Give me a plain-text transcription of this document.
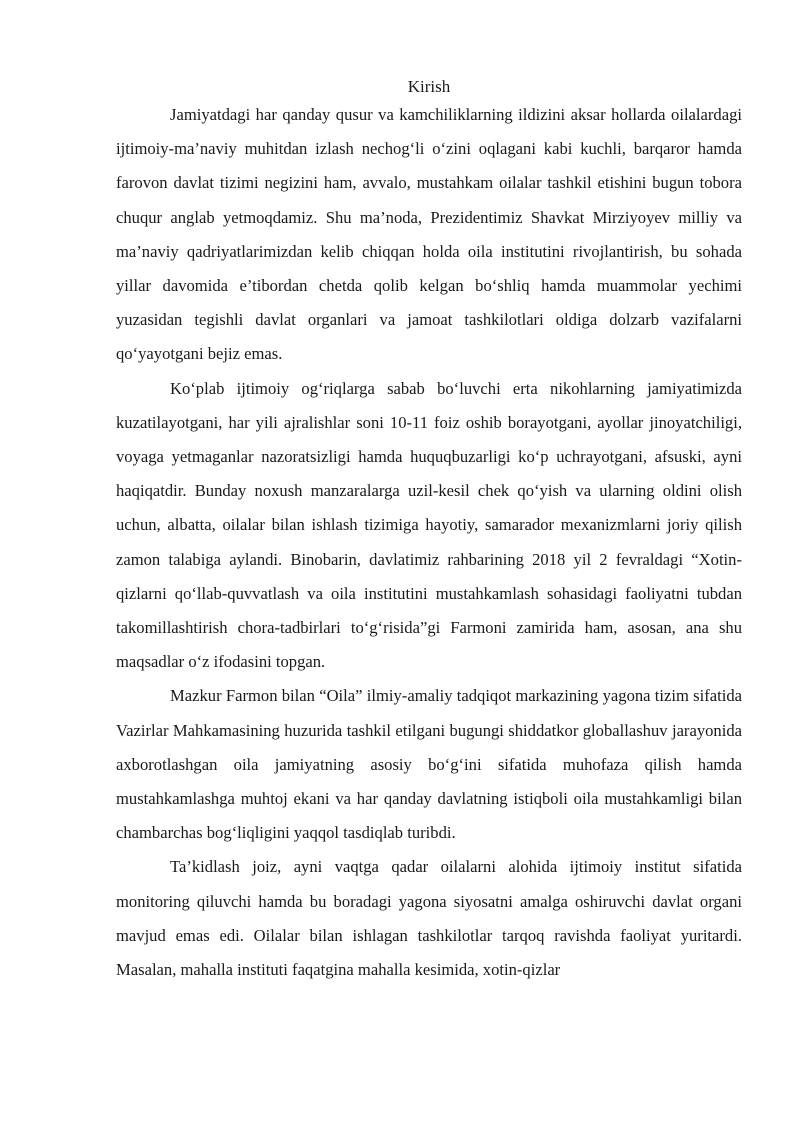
Kirish

Jamiyatdagi har qanday qusur va kamchiliklarning ildizini aksar hollarda oilalardagi ijtimoiy-ma’naviy muhitdan izlash nechog‘li o‘zini oqlagani kabi kuchli, barqaror hamda farovon davlat tizimi negizini ham, avvalo, mustahkam oilalar tashkil etishini bugun tobora chuqur anglab yetmoqdamiz. Shu ma’noda, Prezidentimiz Shavkat Mirziyoyev milliy va ma’naviy qadriyatlarimizdan kelib chiqqan holda oila institutini rivojlantirish, bu sohada yillar davomida e’tibordan chetda qolib kelgan bo‘shliq hamda muammolar yechimi yuzasidan tegishli davlat organlari va jamoat tashkilotlari oldiga dolzarb vazifalarni qo‘yayotgani bejiz emas.

Ko‘plab ijtimoiy og‘riqlarga sabab bo‘luvchi erta nikohlarning jamiyatimizda kuzatilayotgani, har yili ajralishlar soni 10-11 foiz oshib borayotgani, ayollar jinoyatchiligi, voyaga yetmaganlar nazoratsizligi hamda huquqbuzarligi ko‘p uchrayotgani, afsuski, ayni haqiqatdir. Bunday noxush manzaralarga uzil-kesil chek qo‘yish va ularning oldini olish uchun, albatta, oilalar bilan ishlash tizimiga hayotiy, samarador mexanizmlarni joriy qilish zamon talabiga aylandi. Binobarin, davlatimiz rahbarining 2018 yil 2 fevraldagi “Xotin-qizlarni qo‘llab-quvvatlash va oila institutini mustahkamlash sohasidagi faoliyatni tubdan takomillashtirish chora-tadbirlari to‘g‘risida”gi Farmoni zamirida ham, asosan, ana shu maqsadlar o‘z ifodasini topgan.

Mazkur Farmon bilan “Oila” ilmiy-amaliy tadqiqot markazining yagona tizim sifatida Vazirlar Mahkamasining huzurida tashkil etilgani bugungi shiddatkor globallashuv jarayonida axborotlashgan oila jamiyatning asosiy bo‘g‘ini sifatida muhofaza qilish hamda mustahkamlashga muhtoj ekani va har qanday davlatning istiqboli oila mustahkamligi bilan chambarchas bog‘liqligini yaqqol tasdiqlab turibdi.

Ta’kidlash joiz, ayni vaqtga qadar oilalarni alohida ijtimoiy institut sifatida monitoring qiluvchi hamda bu boradagi yagona siyosatni amalga oshiruvchi davlat organi mavjud emas edi. Oilalar bilan ishlagan tashkilotlar tarqoq ravishda faoliyat yuritardi. Masalan, mahalla instituti faqatgina mahalla kesimida, xotin-qizlar
